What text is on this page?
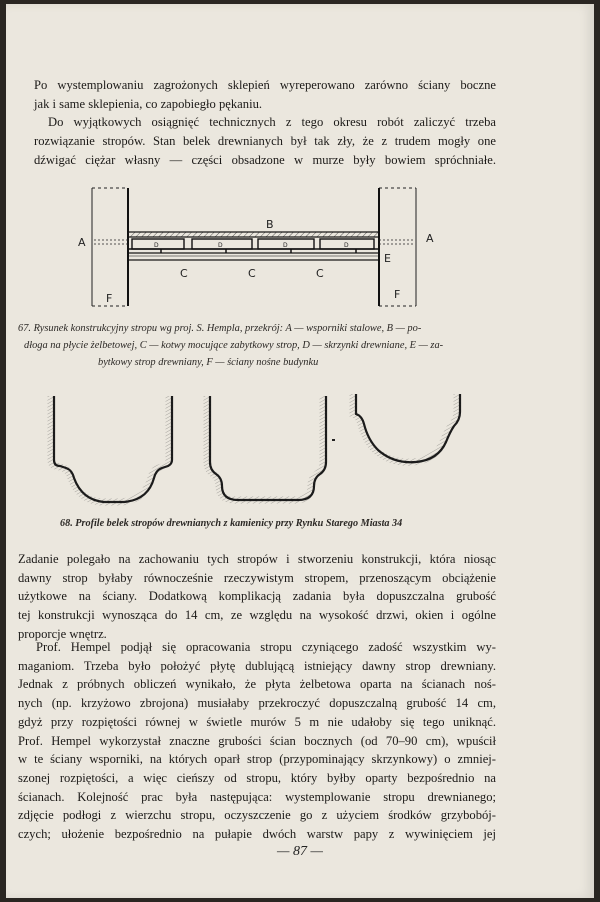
Po wystemplowaniu zagrożonych sklepień wyreperowano zarówno ściany boczne
jak i same sklepienia, co zapobiegło pękaniu.
Do wyjątkowych osiągnięć technicznych z tego okresu robót zaliczyć trzeba
rozwiązanie stropów. Stan belek drewnianych był tak zły, że z trudem mogły one
dźwigać ciężar własny — części obsadzone w murze były bowiem spróchniałe.
A	A
B
D	D	D	D
C	C	C
E
F	F
67. Rysunek konstrukcyjny stropu wg proj. S. Hempla, przekrój: A — wsporniki stalowe, B — po-
dłoga na płycie żelbetowej, C — kotwy mocujące zabytkowy strop, D — skrzynki drewniane, E — za-
bytkowy strop drewniany, F — ściany nośne budynku
68. Profile belek stropów drewnianych z kamienicy przy Rynku Starego Miasta 34
Zadanie polegało na zachowaniu tych stropów i stworzeniu konstrukcji, która niosąc
dawny strop byłaby równocześnie rzeczywistym stropem, przenoszącym obciążenie
użytkowe na ściany. Dodatkową komplikacją zadania była dopuszczalna grubość
tej konstrukcji wynosząca do 14 cm, ze względu na wysokość drzwi, okien i ogólne
proporcje wnętrz.
Prof. Hempel podjął się opracowania stropu czyniącego zadość wszystkim wy-
maganiom. Trzeba było położyć płytę dublującą istniejący dawny strop drewniany.
Jednak z próbnych obliczeń wynikało, że płyta żelbetowa oparta na ścianach noś-
nych (np. krzyżowo zbrojona) musiałaby przekroczyć dopuszczalną grubość 14 cm,
gdyż przy rozpiętości równej w świetle murów 5 m nie udałoby się tego uniknąć.
Prof. Hempel wykorzystał znaczne grubości ścian bocznych (od 70–90 cm), wpuścił
w te ściany wsporniki, na których oparł strop (przypominający skrzynkowy) o zmniej-
szonej rozpiętości, a więc cieńszy od stropu, który byłby oparty bezpośrednio na
ścianach. Kolejność prac była następująca: wystemplowanie stropu drewnianego;
zdjęcie podłogi z wierzchu stropu, oczyszczenie go z użyciem środków grzybobój-
czych; ułożenie bezpośrednio na pułapie dwóch warstw papy z wywinięciem jej
— 87 —
